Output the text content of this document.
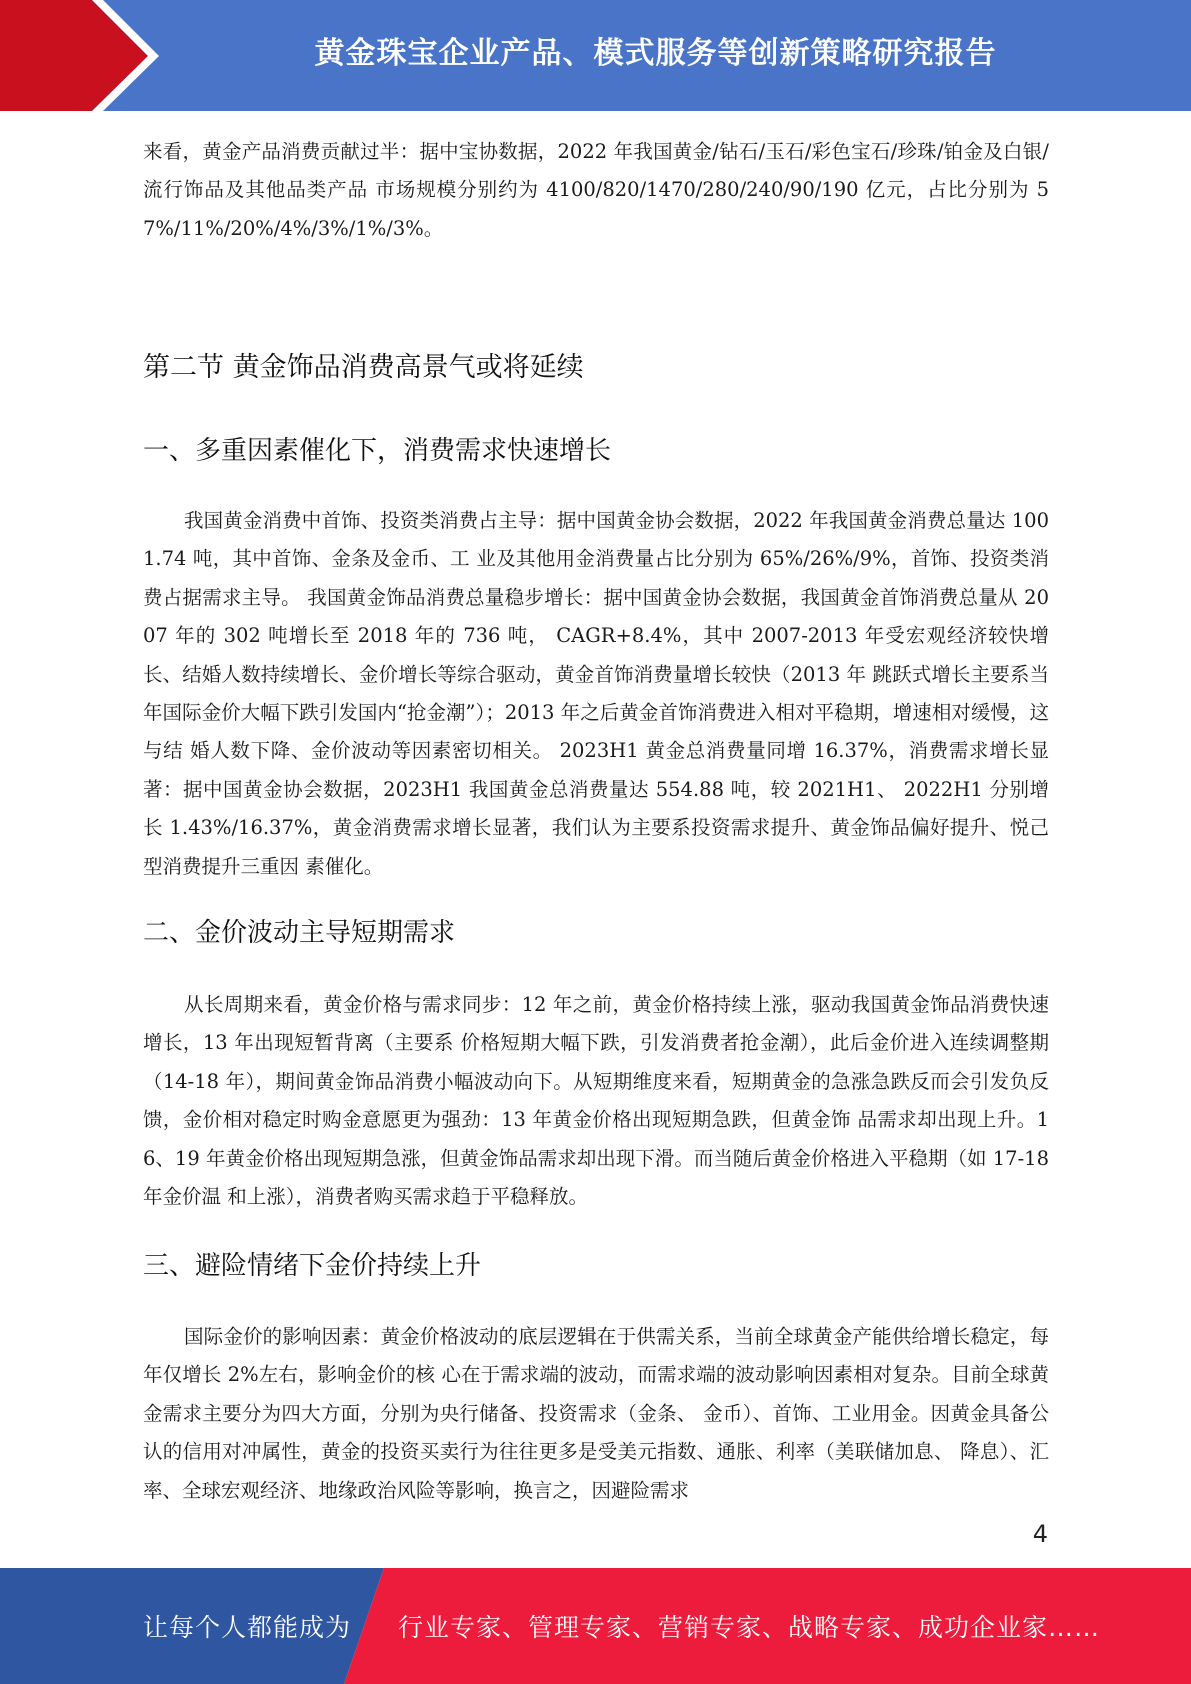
黄金珠宝企业产品、模式服务等创新策略研究报告

来看，黄金产品消费贡献过半：据中宝协数据，2022 年我国黄金/钻石/玉石/彩色宝石/珍珠/铂金及白银/流行饰品及其他品类产品 市场规模分别约为 4100/820/1470/280/240/90/190 亿元，占比分别为 57%/11%/20%/4%/3%/1%/3%。

第二节 黄金饰品消费高景气或将延续
一、多重因素催化下，消费需求快速增长

我国黄金消费中首饰、投资类消费占主导：据中国黄金协会数据，2022 年我国黄金消费总量达 1001.74 吨，其中首饰、金条及金币、工 业及其他用金消费量占比分别为 65%/26%/9%，首饰、投资类消费占据需求主导。 我国黄金饰品消费总量稳步增长：据中国黄金协会数据，我国黄金首饰消费总量从 2007 年的 302 吨增长至 2018 年的 736 吨， CAGR+8.4%，其中 2007-2013 年受宏观经济较快增长、结婚人数持续增长、金价增长等综合驱动，黄金首饰消费量增长较快（2013 年 跳跃式增长主要系当年国际金价大幅下跌引发国内“抢金潮”）；2013 年之后黄金首饰消费进入相对平稳期，增速相对缓慢，这与结 婚人数下降、金价波动等因素密切相关。 2023H1 黄金总消费量同增 16.37%，消费需求增长显著：据中国黄金协会数据，2023H1 我国黄金总消费量达 554.88 吨，较 2021H1、 2022H1 分别增长 1.43%/16.37%，黄金消费需求增长显著，我们认为主要系投资需求提升、黄金饰品偏好提升、悦己型消费提升三重因 素催化。

二、金价波动主导短期需求

从长周期来看，黄金价格与需求同步：12 年之前，黄金价格持续上涨，驱动我国黄金饰品消费快速增长，13 年出现短暂背离（主要系 价格短期大幅下跌，引发消费者抢金潮），此后金价进入连续调整期（14-18 年），期间黄金饰品消费小幅波动向下。从短期维度来看，短期黄金的急涨急跌反而会引发负反馈，金价相对稳定时购金意愿更为强劲：13 年黄金价格出现短期急跌，但黄金饰 品需求却出现上升。16、19 年黄金价格出现短期急涨，但黄金饰品需求却出现下滑。而当随后黄金价格进入平稳期（如 17-18 年金价温 和上涨），消费者购买需求趋于平稳释放。

三、避险情绪下金价持续上升

国际金价的影响因素：黄金价格波动的底层逻辑在于供需关系，当前全球黄金产能供给增长稳定，每年仅增长 2%左右，影响金价的核 心在于需求端的波动，而需求端的波动影响因素相对复杂。目前全球黄金需求主要分为四大方面，分别为央行储备、投资需求（金条、 金币）、首饰、工业用金。因黄金具备公认的信用对冲属性，黄金的投资买卖行为往往更多是受美元指数、通胀、利率（美联储加息、 降息）、汇率、全球宏观经济、地缘政治风险等影响，换言之，因避险需求

4
让每个人都能成为 行业专家、管理专家、营销专家、战略专家、成功企业家……
